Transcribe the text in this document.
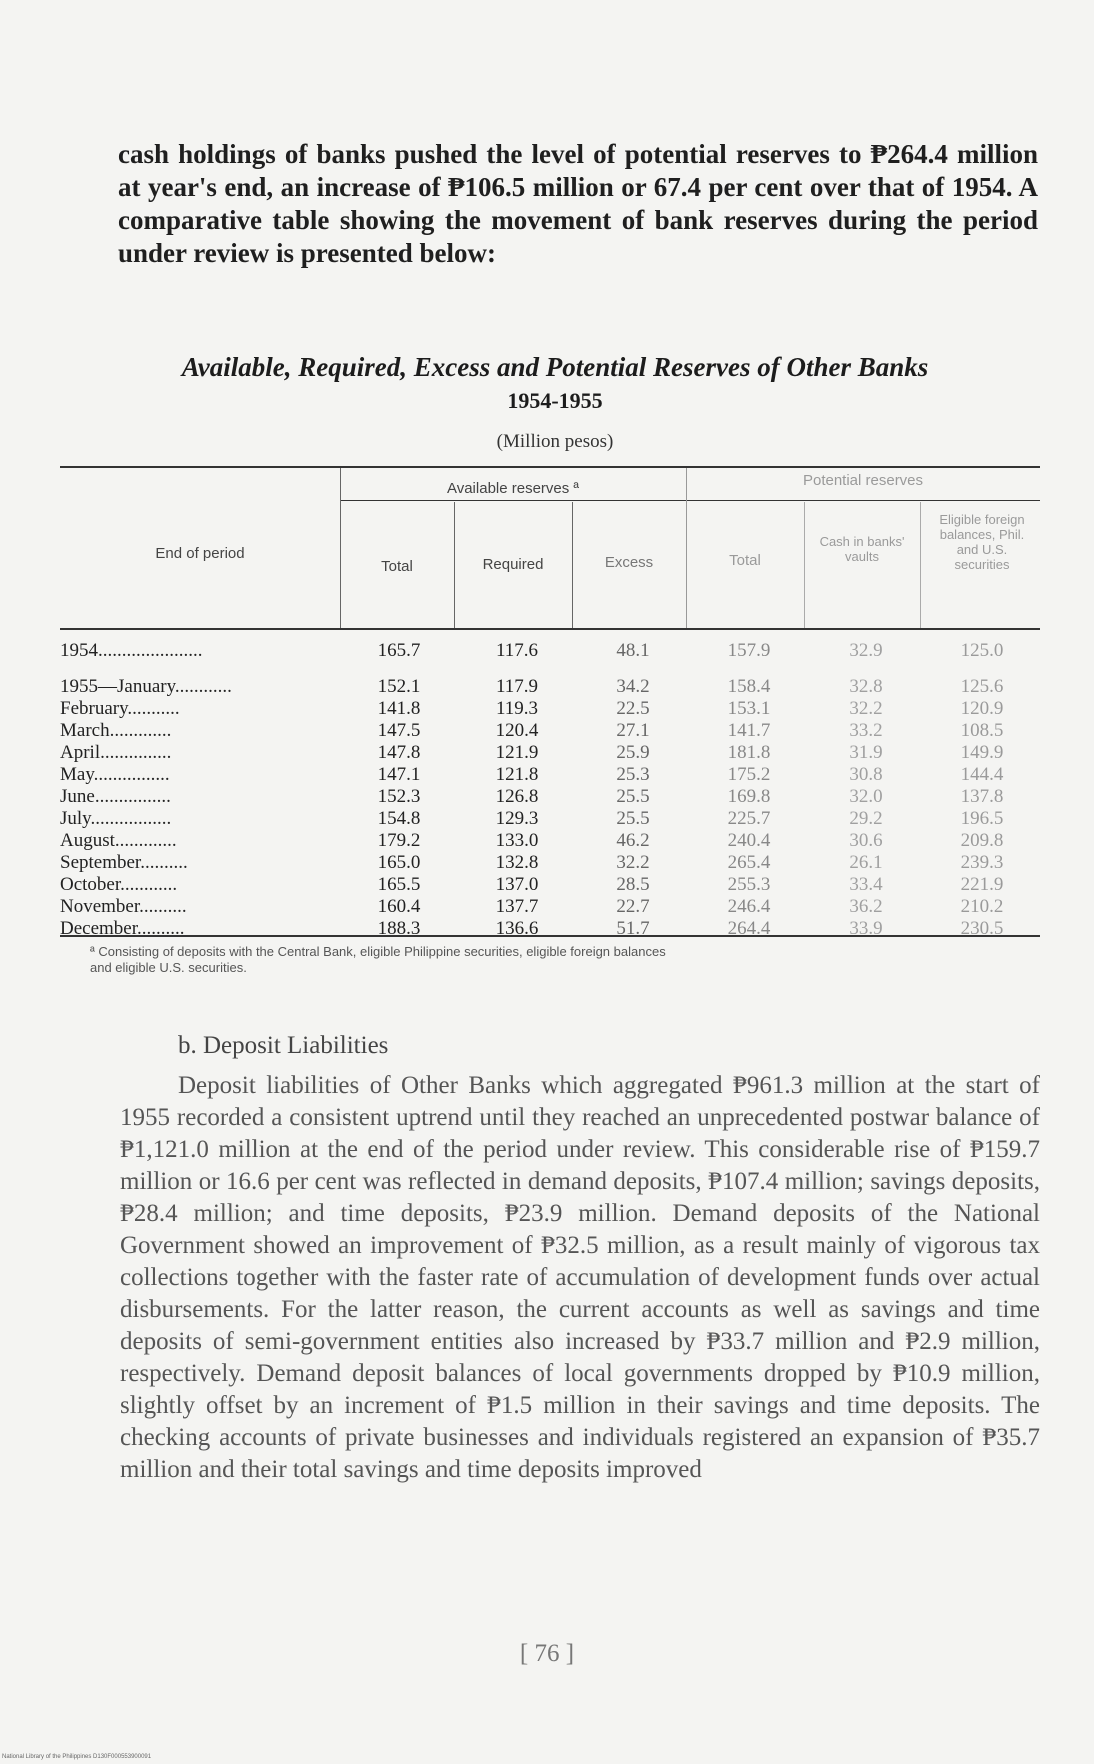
cash holdings of banks pushed the level of potential reserves to ₱264.4 million at year's end, an increase of ₱106.5 million or 67.4 per cent over that of 1954. A comparative table showing the movement of bank reserves during the period under review is presented below:

Available, Required, Excess and Potential Reserves of Other Banks
1954-1955
(Million pesos)
End of period
Available reserves ª	Potential reserves
Total	Required	Excess	Total
Cash in banks' vaults
Eligible foreign balances, Phil. and U.S. securities
1954......................	165.7	117.6	48.1	157.9	32.9	125.0

1955—January............	152.1	117.9	34.2	158.4	32.8	125.6
February...........	141.8	119.3	22.5	153.1	32.2	120.9
March.............	147.5	120.4	27.1	141.7	33.2	108.5
April...............	147.8	121.9	25.9	181.8	31.9	149.9
May................	147.1	121.8	25.3	175.2	30.8	144.4
June................	152.3	126.8	25.5	169.8	32.0	137.8
July.................	154.8	129.3	25.5	225.7	29.2	196.5
August.............	179.2	133.0	46.2	240.4	30.6	209.8
September..........	165.0	132.8	32.2	265.4	26.1	239.3
October............	165.5	137.0	28.5	255.3	33.4	221.9
November..........	160.4	137.7	22.7	246.4	36.2	210.2
December..........	188.3	136.6	51.7	264.4	33.9	230.5

ª Consisting of deposits with the Central Bank, eligible Philippine securities, eligible foreign balances
and eligible U.S. securities.

b. Deposit Liabilities

Deposit liabilities of Other Banks which aggregated ₱961.3 million at the start of 1955 recorded a consistent uptrend until they reached an unprecedented postwar balance of ₱1,121.0 million at the end of the period under review. This considerable rise of ₱159.7 million or 16.6 per cent was reflected in demand deposits, ₱107.4 million; savings deposits, ₱28.4 million; and time deposits, ₱23.9 million. Demand deposits of the National Government showed an improvement of ₱32.5 million, as a result mainly of vigorous tax collections together with the faster rate of accumulation of development funds over actual disbursements. For the latter reason, the current accounts as well as savings and time deposits of semi-government entities also increased by ₱33.7 million and ₱2.9 million, respectively. Demand deposit balances of local governments dropped by ₱10.9 million, slightly offset by an increment of ₱1.5 million in their savings and time deposits. The checking accounts of private businesses and individuals registered an expansion of ₱35.7 million and their total savings and time deposits improved

[ 76 ]
National Library of the Philippines D130F000553900091
